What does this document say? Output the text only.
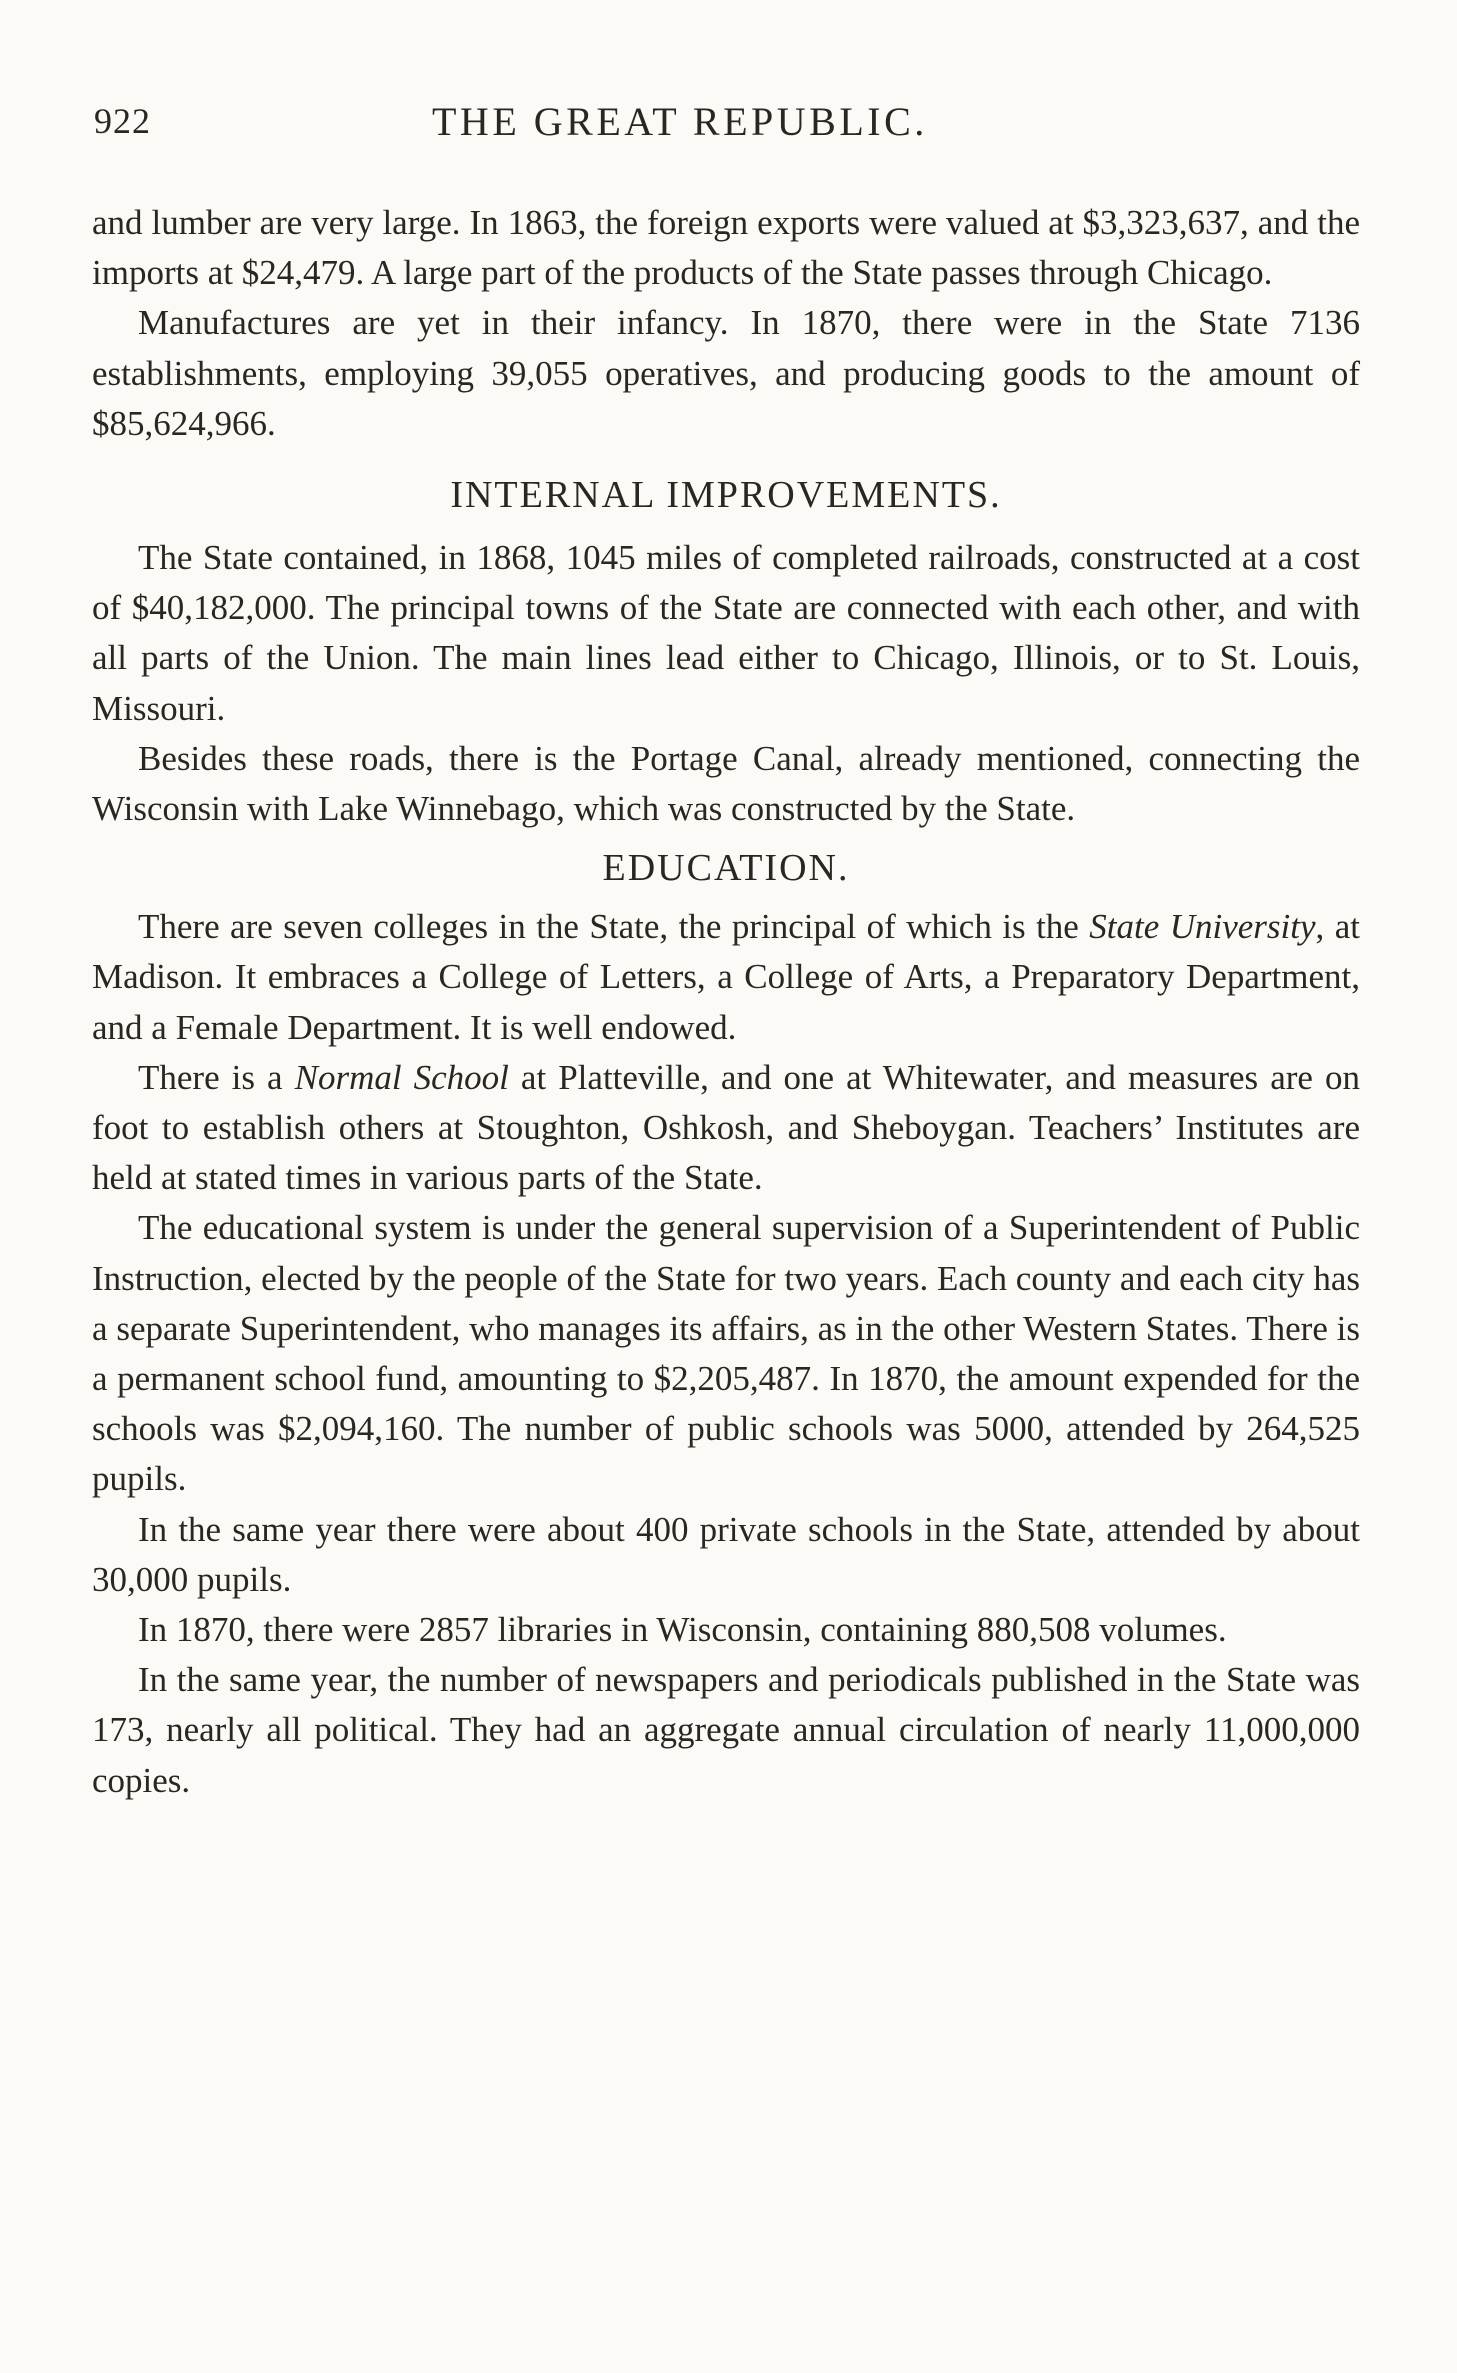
922	THE GREAT REPUBLIC.

and lumber are very large. In 1863, the foreign exports were valued at $3,323,637, and the imports at $24,479. A large part of the products of the State passes through Chicago.

Manufactures are yet in their infancy. In 1870, there were in the State 7136 establishments, employing 39,055 operatives, and producing goods to the amount of $85,624,966.

INTERNAL IMPROVEMENTS.

The State contained, in 1868, 1045 miles of completed railroads, constructed at a cost of $40,182,000. The principal towns of the State are connected with each other, and with all parts of the Union. The main lines lead either to Chicago, Illinois, or to St. Louis, Missouri.

Besides these roads, there is the Portage Canal, already mentioned, connecting the Wisconsin with Lake Winnebago, which was constructed by the State.

EDUCATION.

There are seven colleges in the State, the principal of which is the State University, at Madison. It embraces a College of Letters, a College of Arts, a Preparatory Department, and a Female Department. It is well endowed.

There is a Normal School at Platteville, and one at Whitewater, and measures are on foot to establish others at Stoughton, Oshkosh, and Sheboygan. Teachers’ Institutes are held at stated times in various parts of the State.

The educational system is under the general supervision of a Superintendent of Public Instruction, elected by the people of the State for two years. Each county and each city has a separate Superintendent, who manages its affairs, as in the other Western States. There is a permanent school fund, amounting to $2,205,487. In 1870, the amount expended for the schools was $2,094,160. The number of public schools was 5000, attended by 264,525 pupils.

In the same year there were about 400 private schools in the State, attended by about 30,000 pupils.

In 1870, there were 2857 libraries in Wisconsin, containing 880,508 volumes.

In the same year, the number of newspapers and periodicals published in the State was 173, nearly all political. They had an aggregate annual circulation of nearly 11,000,000 copies.
